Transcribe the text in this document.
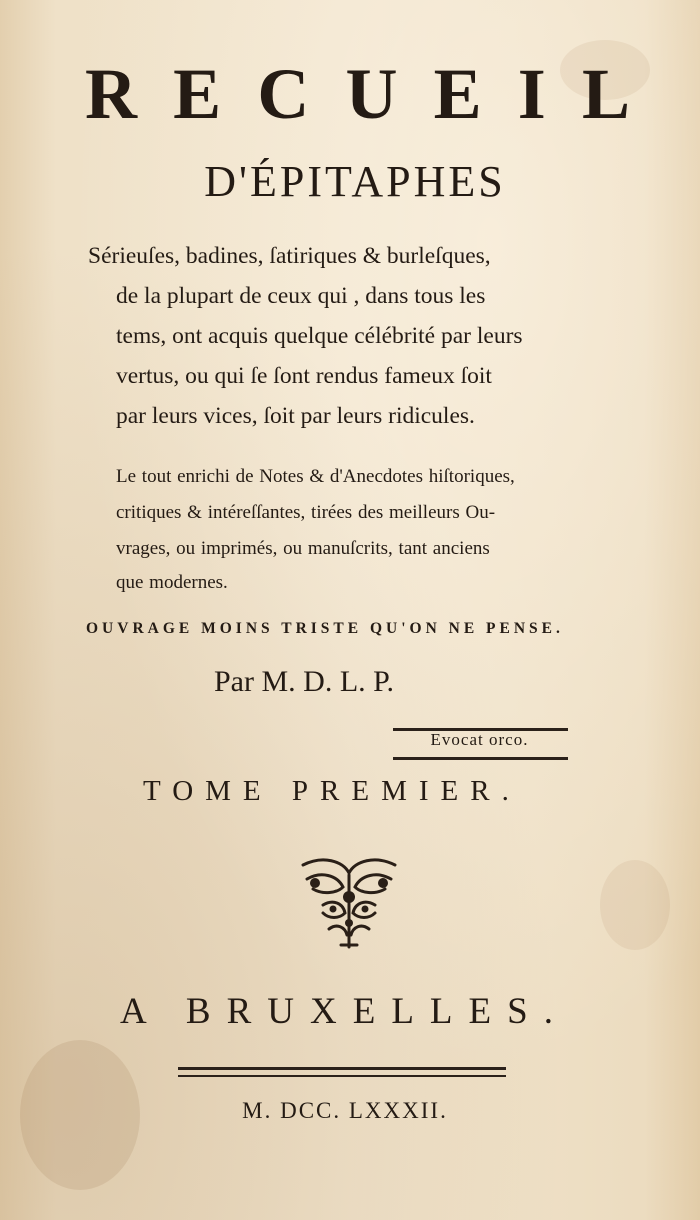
R E C U E I L
D'ÉPITAPHES
Sérieuſes, badines, ſatiriques & burleſques,
de la plupart de ceux qui , dans tous les
tems, ont acquis quelque célébrité par leurs
vertus, ou qui ſe ſont rendus fameux ſoit
par leurs vices, ſoit par leurs ridicules.
Le tout enrichi de Notes & d'Anecdotes hiſtoriques,
critiques & intéreſſantes, tirées des meilleurs Ou-
vrages, ou imprimés, ou manuſcrits, tant anciens
que modernes.
OUVRAGE MOINS TRISTE QU'ON NE PENSE.
Par M. D. L. P.
Evocat orco.
TOME PREMIER.
A BRUXELLES.
M. DCC. LXXXII.
